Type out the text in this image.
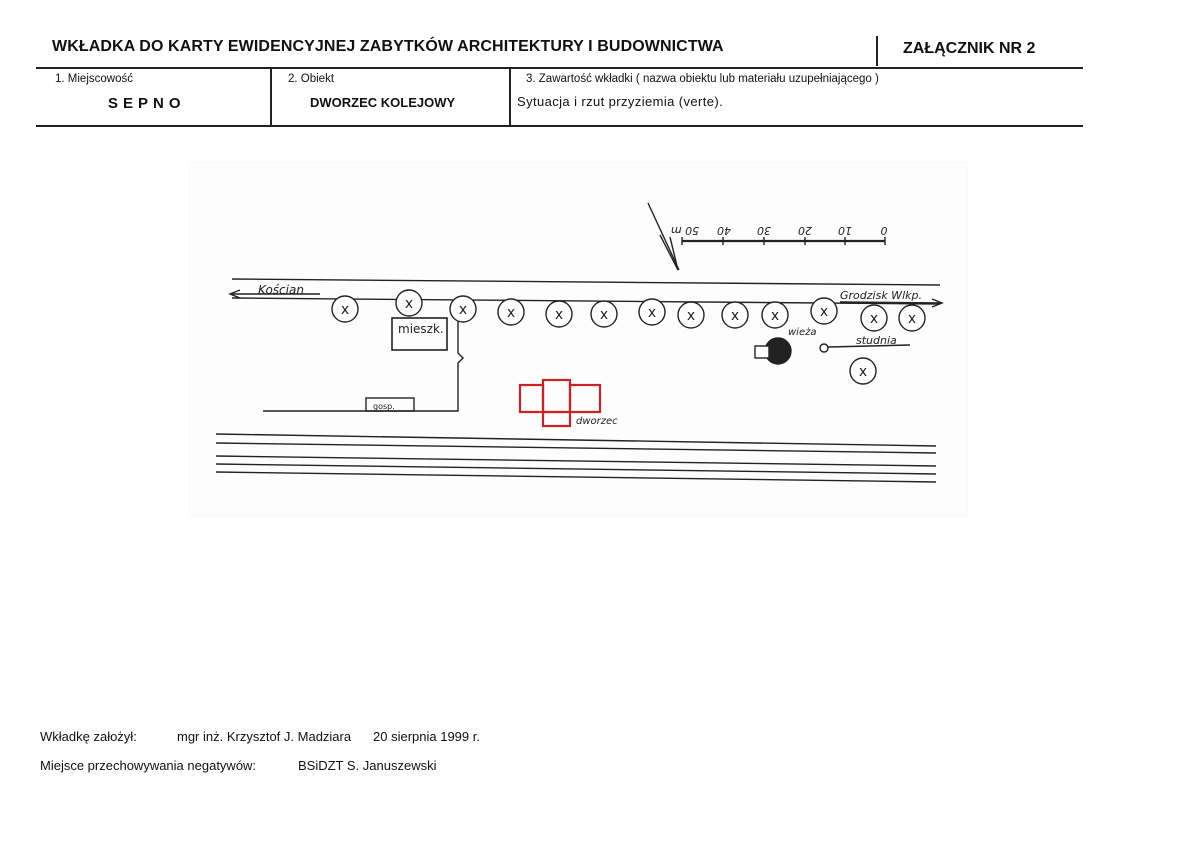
WKŁADKA DO KARTY EWIDENCYJNEJ ZABYTKÓW ARCHITEKTURY I BUDOWNICTWA	ZAŁĄCZNIK NR 2
1. Miejscowość
SEPNO
2. Obiekt
DWORZEC KOLEJOWY
3. Zawartość wkładki ( nazwa obiektu lub materiału uzupełniającego )
Sytuacja i rzut przyziemia (verte).
50 m 40 30 20 10	0
x	x	x	x	x	x	x x	x x	x	x x
x
Kościan	Grodzisk Wlkp.
mieszk.
gosp.
dworzec
wieża
studnia
Wkładkę założył:	mgr inż. Krzysztof J. Madziara 20 sierpnia 1999 r.
Miejsce przechowywania negatywów:	BSiDZT S. Januszewski
